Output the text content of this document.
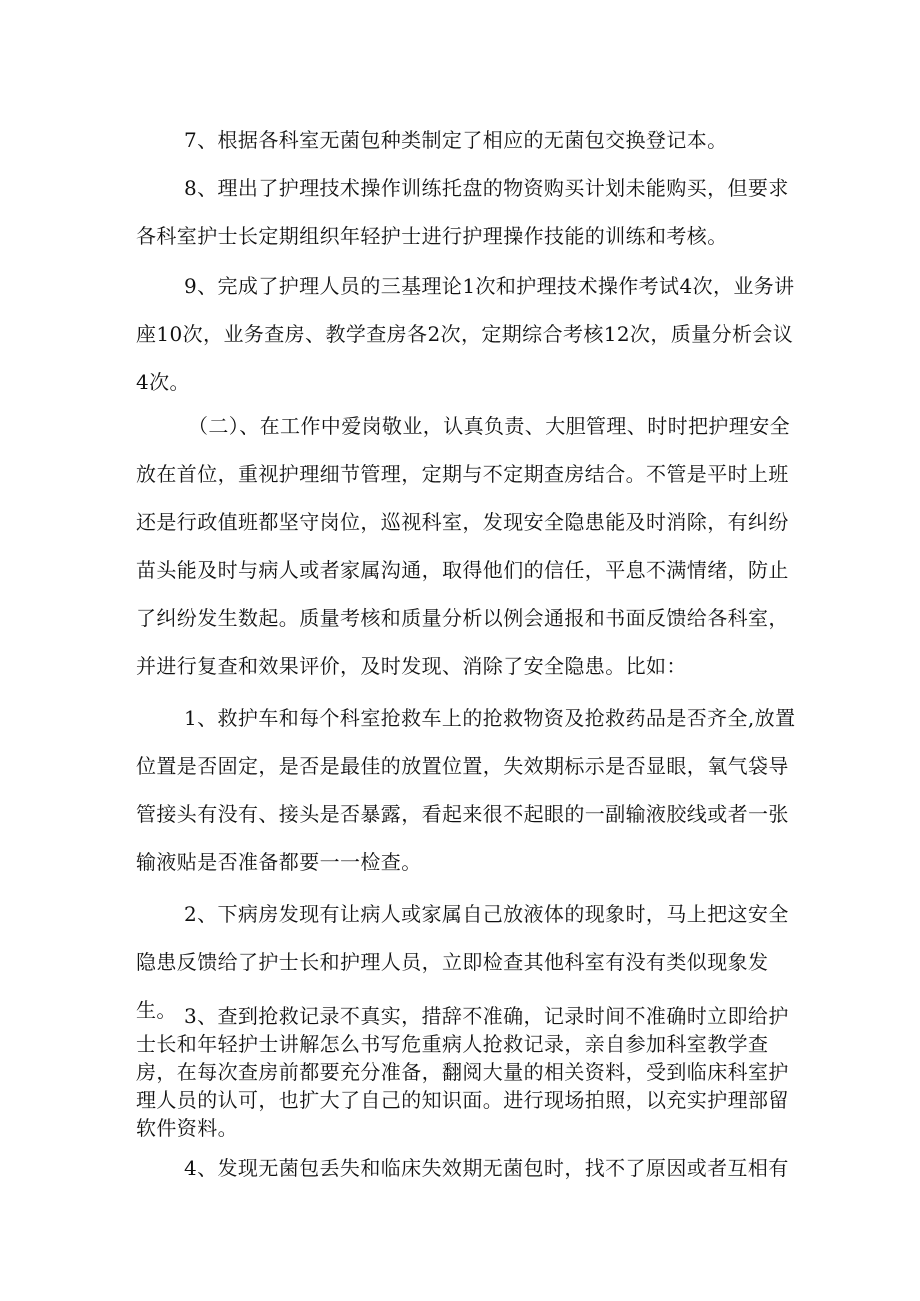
7、根据各科室无菌包种类制定了相应的无菌包交换登记本。

8、理出了护理技术操作训练托盘的物资购买计划未能购买，但要求各科室护士长定期组织年轻护士进行护理操作技能的训练和考核。

9、完成了护理人员的三基理论1次和护理技术操作考试4次，业务讲座10次，业务查房、教学查房各2次，定期综合考核12次，质量分析会议4次。

（二）、在工作中爱岗敬业，认真负责、大胆管理、时时把护理安全放在首位，重视护理细节管理，定期与不定期查房结合。不管是平时上班还是行政值班都坚守岗位，巡视科室，发现安全隐患能及时消除，有纠纷苗头能及时与病人或者家属沟通，取得他们的信任，平息不满情绪，防止了纠纷发生数起。质量考核和质量分析以例会通报和书面反馈给各科室，并进行复查和效果评价，及时发现、消除了安全隐患。比如：

1、救护车和每个科室抢救车上的抢救物资及抢救药品是否齐全,放置位置是否固定，是否是最佳的放置位置，失效期标示是否显眼，氧气袋导管接头有没有、接头是否暴露，看起来很不起眼的一副输液胶线或者一张输液贴是否准备都要一一检查。

2、下病房发现有让病人或家属自己放液体的现象时，马上把这安全隐患反馈给了护士长和护理人员，立即检查其他科室有没有类似现象发生。 3、查到抢救记录不真实，措辞不准确，记录时间不准确时立即给护士长和年轻护士讲解怎么书写危重病人抢救记录，亲自参加科室教学查房，在每次查房前都要充分准备，翻阅大量的相关资料，受到临床科室护理人员的认可，也扩大了自己的知识面。进行现场拍照，以充实护理部留软件资料。

4、发现无菌包丢失和临床失效期无菌包时，找不了原因或者互相有
